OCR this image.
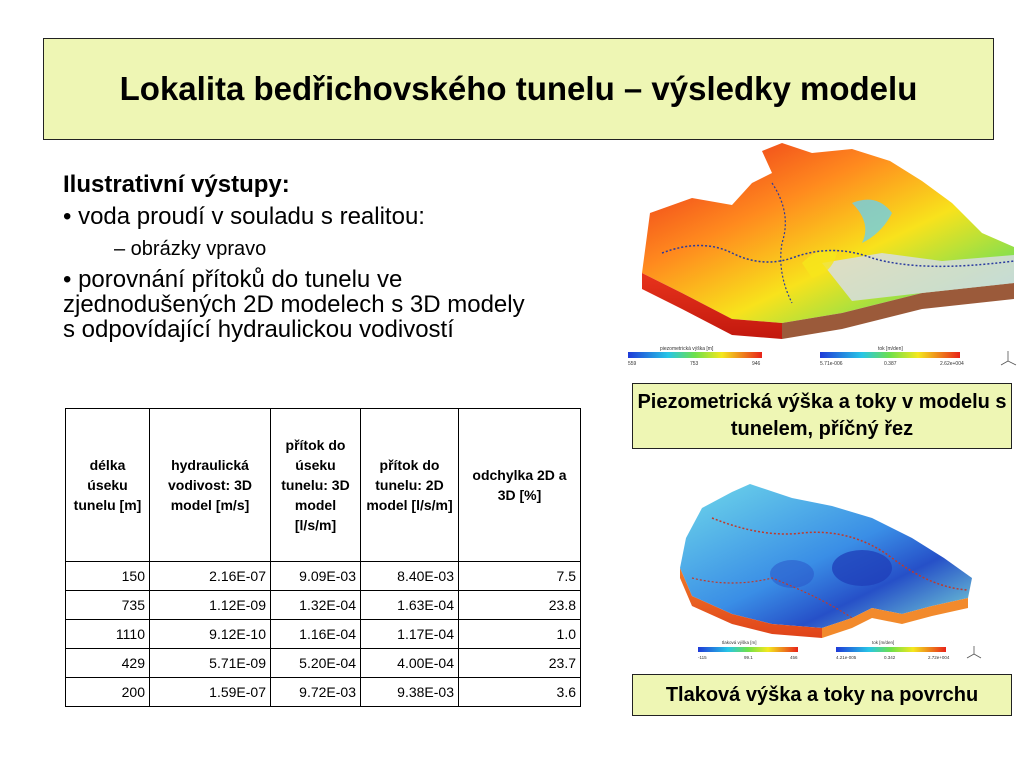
Lokalita bedřichovského tunelu – výsledky modelu

Ilustrativní výstupy:

• voda proudí v souladu s realitou:

– obrázky vpravo

• porovnání přítoků do tunelu ve zjednodušených 2D modelech s 3D modely s odpovídající hydraulickou vodivostí

délka úseku tunelu [m]	hydraulická vodivost: 3D model [m/s]	přítok do úseku tunelu: 3D model [l/s/m]	přítok do tunelu: 2D model [l/s/m]	odchylka 2D a 3D [%]
150	2.16E-07	9.09E-03	8.40E-03	7.5
735	1.12E-09	1.32E-04	1.63E-04	23.8
1110	9.12E-10	1.16E-04	1.17E-04	1.0
429	5.71E-09	5.20E-04	4.00E-04	23.7
200	1.59E-07	9.72E-03	9.38E-03	3.6
piezometrická výška [m]
559	753	946
tok [m/den]
5.71e-006	0.387	2.62e+004
Piezometrická výška a toky v modelu s tunelem, příčný řez
tlaková výška [m]
-115	99.1	456
tok [m/den]
4.21e-005	0.342	2.72e+004
Tlaková výška a toky na povrchu
